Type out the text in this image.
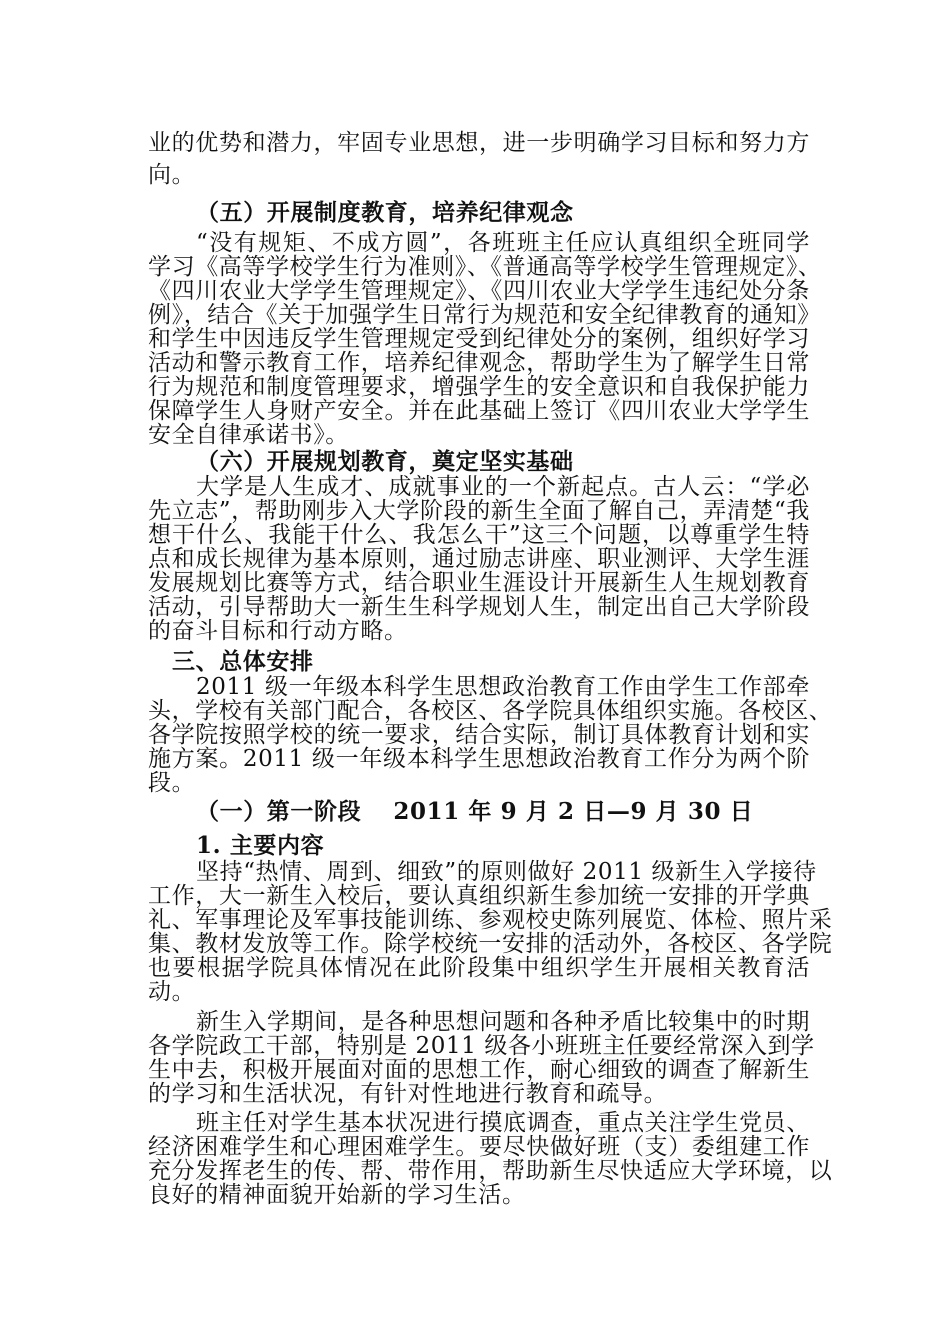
业的优势和潜力，牢固专业思想，进一步明确学习目标和努力方
向。
（五）开展制度教育，培养纪律观念
“没有规矩、不成方圆”，各班班主任应认真组织全班同学
学习《高等学校学生行为准则》、《普通高等学校学生管理规定》、
《四川农业大学学生管理规定》、《四川农业大学学生违纪处分条
例》，结合《关于加强学生日常行为规范和安全纪律教育的通知》
和学生中因违反学生管理规定受到纪律处分的案例，组织好学习
活动和警示教育工作，培养纪律观念，帮助学生为了解学生日常
行为规范和制度管理要求，增强学生的安全意识和自我保护能力
保障学生人身财产安全。并在此基础上签订《四川农业大学学生
安全自律承诺书》。
（六）开展规划教育，奠定坚实基础
大学是人生成才、成就事业的一个新起点。古人云：“学必
先立志”，帮助刚步入大学阶段的新生全面了解自己，弄清楚“我
想干什么、我能干什么、我怎么干”这三个问题，以尊重学生特
点和成长规律为基本原则，通过励志讲座、职业测评、大学生涯
发展规划比赛等方式，结合职业生涯设计开展新生人生规划教育
活动，引导帮助大一新生生科学规划人生，制定出自己大学阶段
的奋斗目标和行动方略。
三、总体安排
2011 级一年级本科学生思想政治教育工作由学生工作部牵
头，学校有关部门配合，各校区、各学院具体组织实施。各校区、
各学院按照学校的统一要求，结合实际，制订具体教育计划和实
施方案。2011 级一年级本科学生思想政治教育工作分为两个阶
段。
（一）第一阶段　 2011 年 9 月 2 日—9 月 30 日
1. 主要内容
坚持“热情、周到、细致”的原则做好 2011 级新生入学接待
工作，大一新生入校后，要认真组织新生参加统一安排的开学典
礼、军事理论及军事技能训练、参观校史陈列展览、体检、照片采
集、教材发放等工作。除学校统一安排的活动外，各校区、各学院
也要根据学院具体情况在此阶段集中组织学生开展相关教育活
动。
新生入学期间，是各种思想问题和各种矛盾比较集中的时期
各学院政工干部，特别是 2011 级各小班班主任要经常深入到学
生中去，积极开展面对面的思想工作，耐心细致的调查了解新生
的学习和生活状况，有针对性地进行教育和疏导。
班主任对学生基本状况进行摸底调查，重点关注学生党员、
经济困难学生和心理困难学生。要尽快做好班（支）委组建工作
充分发挥老生的传、帮、带作用，帮助新生尽快适应大学环境，以
良好的精神面貌开始新的学习生活。
